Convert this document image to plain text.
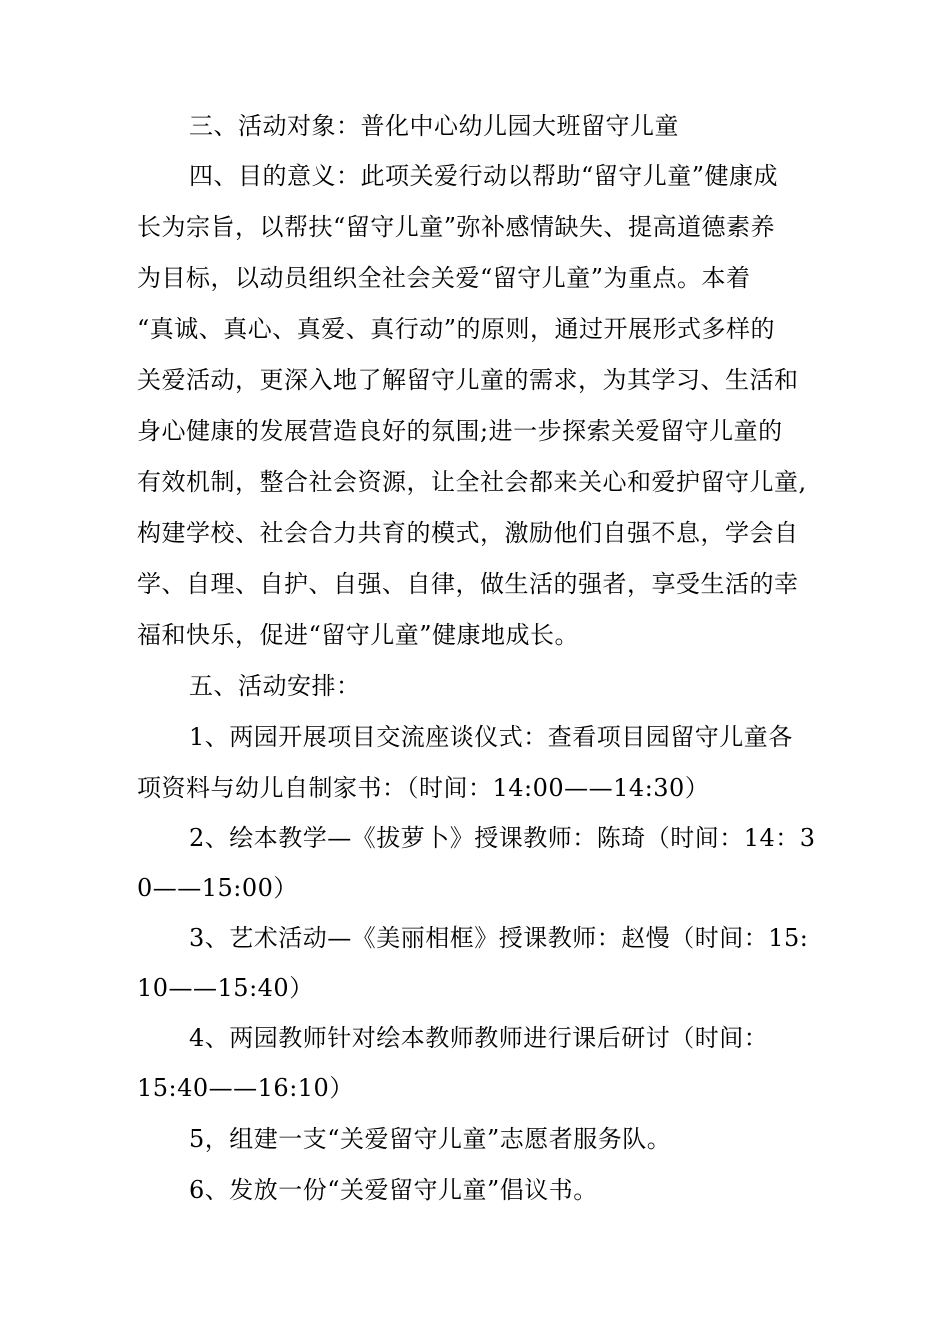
三、活动对象：普化中心幼儿园大班留守儿童
四、目的意义：此项关爱行动以帮助“留守儿童”健康成
长为宗旨，以帮扶“留守儿童”弥补感情缺失、提高道德素养
为目标，以动员组织全社会关爱“留守儿童”为重点。本着
“真诚、真心、真爱、真行动”的原则，通过开展形式多样的
关爱活动，更深入地了解留守儿童的需求，为其学习、生活和
身心健康的发展营造良好的氛围;进一步探索关爱留守儿童的
有效机制，整合社会资源，让全社会都来关心和爱护留守儿童,
构建学校、社会合力共育的模式，激励他们自强不息，学会自
学、自理、自护、自强、自律，做生活的强者，享受生活的幸
福和快乐，促进“留守儿童”健康地成长。
五、活动安排：
1、两园开展项目交流座谈仪式：查看项目园留守儿童各
项资料与幼儿自制家书：（时间：14:00——14:30）
2、绘本教学—《拔萝卜》授课教师：陈琦（时间：14：3
0——15:00）
3、艺术活动—《美丽相框》授课教师：赵慢（时间：15:
10——15:40）
4、两园教师针对绘本教师教师进行课后研讨（时间：
15:40——16:10）
5，组建一支“关爱留守儿童”志愿者服务队。
6、发放一份“关爱留守儿童”倡议书。
